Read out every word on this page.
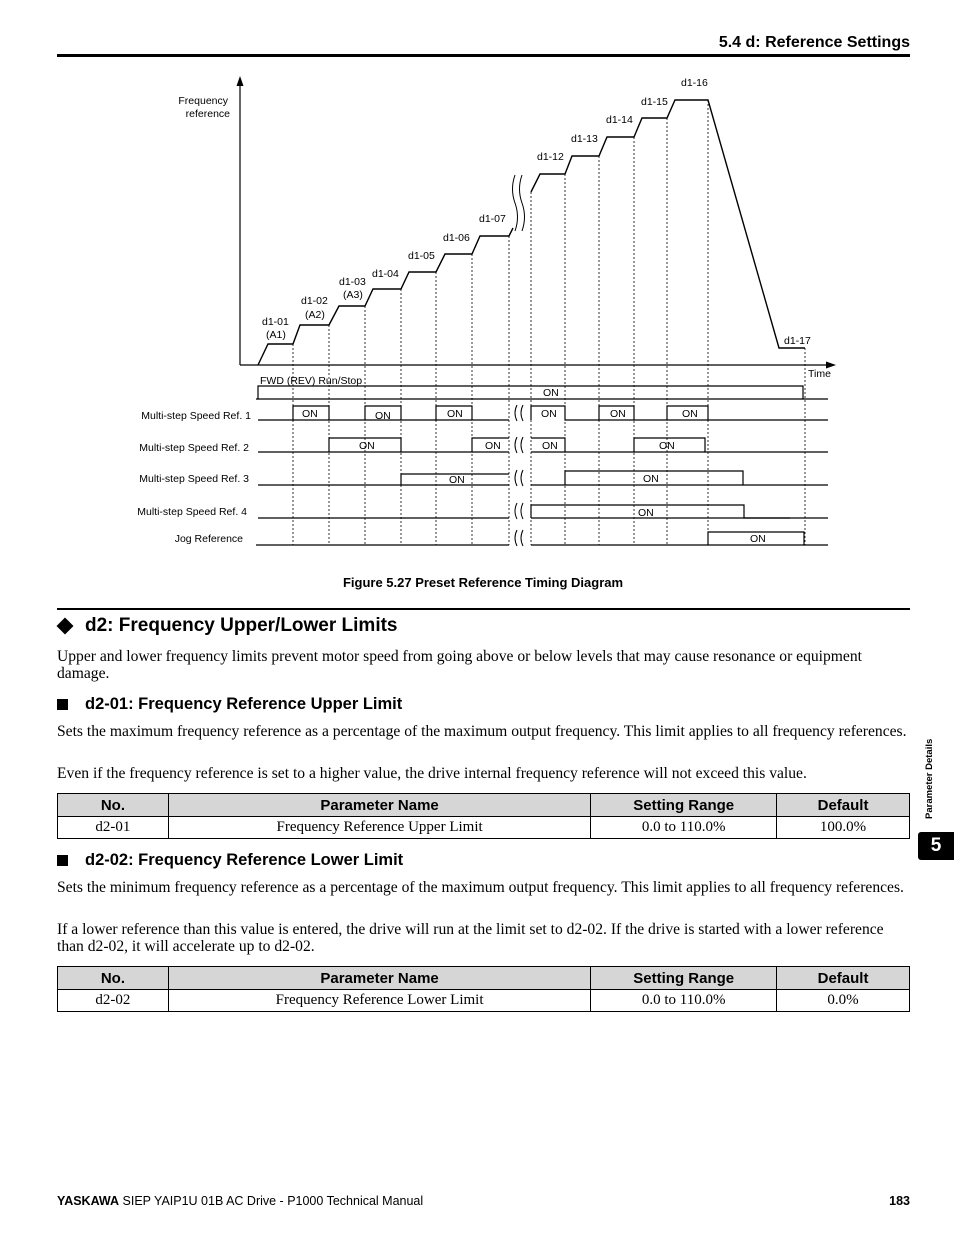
5.4 d: Reference Settings
Frequency
reference
Time
d1-01
(A1)
d1-02
(A2)
d1-03
(A3)
d1-04
d1-05
d1-06
d1-07
d1-12
d1-13
d1-14
d1-15
d1-16
d1-17
FWD (REV) Run/Stop
ON
Multi-step Speed Ref. 1	ON	ON	ON	ON	ON	ON
Multi-step Speed Ref. 2	ON	ON	ON	ON
Multi-step Speed Ref. 3	ON	ON
Multi-step Speed Ref. 4	ON
Jog Reference	ON
Figure 5.27 Preset Reference Timing Diagram
d2: Frequency Upper/Lower Limits
Upper and lower frequency limits prevent motor speed from going above or below levels that may cause resonance or equipment damage.
d2-01: Frequency Reference Upper Limit
Sets the maximum frequency reference as a percentage of the maximum output frequency. This limit applies to all frequency references.
Even if the frequency reference is set to a higher value, the drive internal frequency reference will not exceed this value.
No.	Parameter Name	Setting Range	Default
d2-01	Frequency Reference Upper Limit	0.0 to 110.0%	100.0%
d2-02: Frequency Reference Lower Limit
Sets the minimum frequency reference as a percentage of the maximum output frequency. This limit applies to all frequency references.
If a lower reference than this value is entered, the drive will run at the limit set to d2-02. If the drive is started with a lower reference than d2-02, it will accelerate up to d2-02.
No.	Parameter Name	Setting Range	Default
d2-02	Frequency Reference Lower Limit	0.0 to 110.0%	0.0%
Parameter Details
5
YASKAWA SIEP YAIP1U 01B AC Drive - P1000 Technical Manual	183
